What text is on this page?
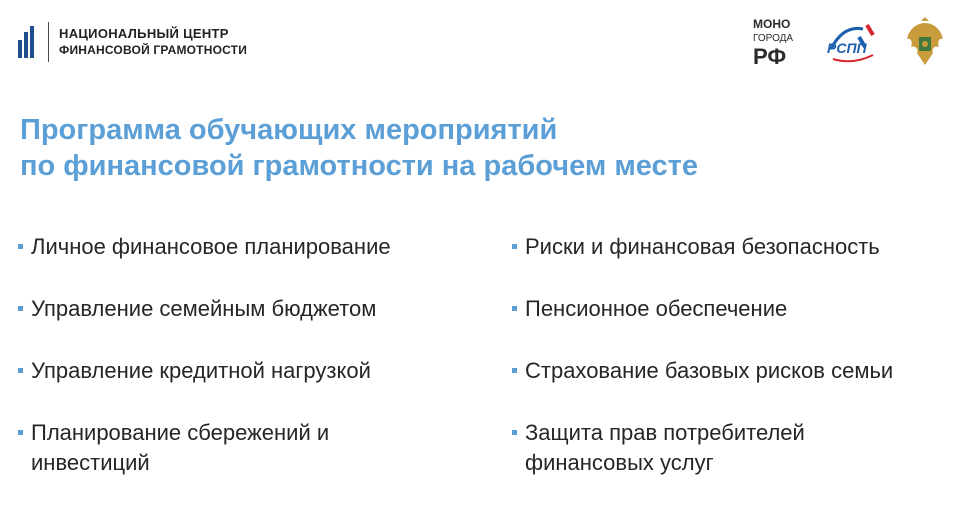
НАЦИОНАЛЬНЫЙ ЦЕНТР
ФИНАНСОВОЙ ГРАМОТНОСТИ
МОНО
ГОРОДА
РФ	РСПП
Программа обучающих мероприятий
по финансовой грамотности на рабочем месте
Личное финансовое планирование
Управление семейным бюджетом
Управление кредитной нагрузкой
Планирование сбережений и инвестиций
Риски и финансовая безопасность
Пенсионное обеспечение
Страхование базовых рисков семьи
Защита прав потребителей финансовых услуг
